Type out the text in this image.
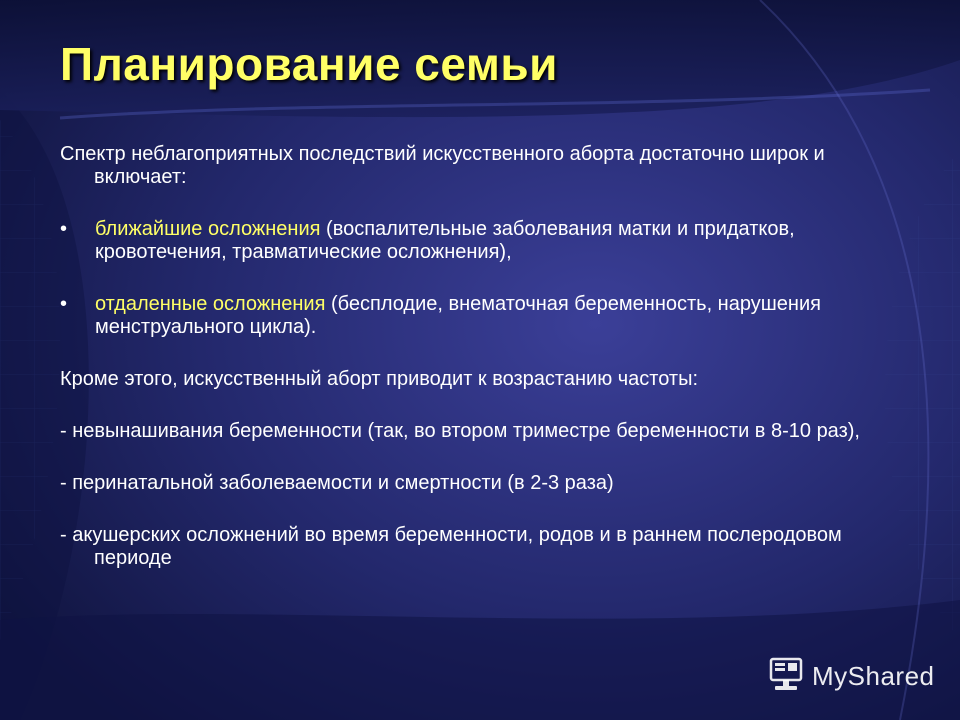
Планирование семьи

Спектр неблагоприятных последствий искусственного аборта достаточно широк и включает:

• ближайшие осложнения (воспалительные заболевания матки и придатков, кровотечения, травматические осложнения),

• отдаленные осложнения (бесплодие, внематочная беременность, нарушения менструального цикла).

Кроме этого, искусственный аборт приводит к возрастанию частоты:

- невынашивания беременности (так, во втором триместре беременности в 8-10 раз),

- перинатальной заболеваемости и смертности (в 2-3 раза)

- акушерских осложнений во время беременности, родов и в раннем послеродовом периоде

MyShared
